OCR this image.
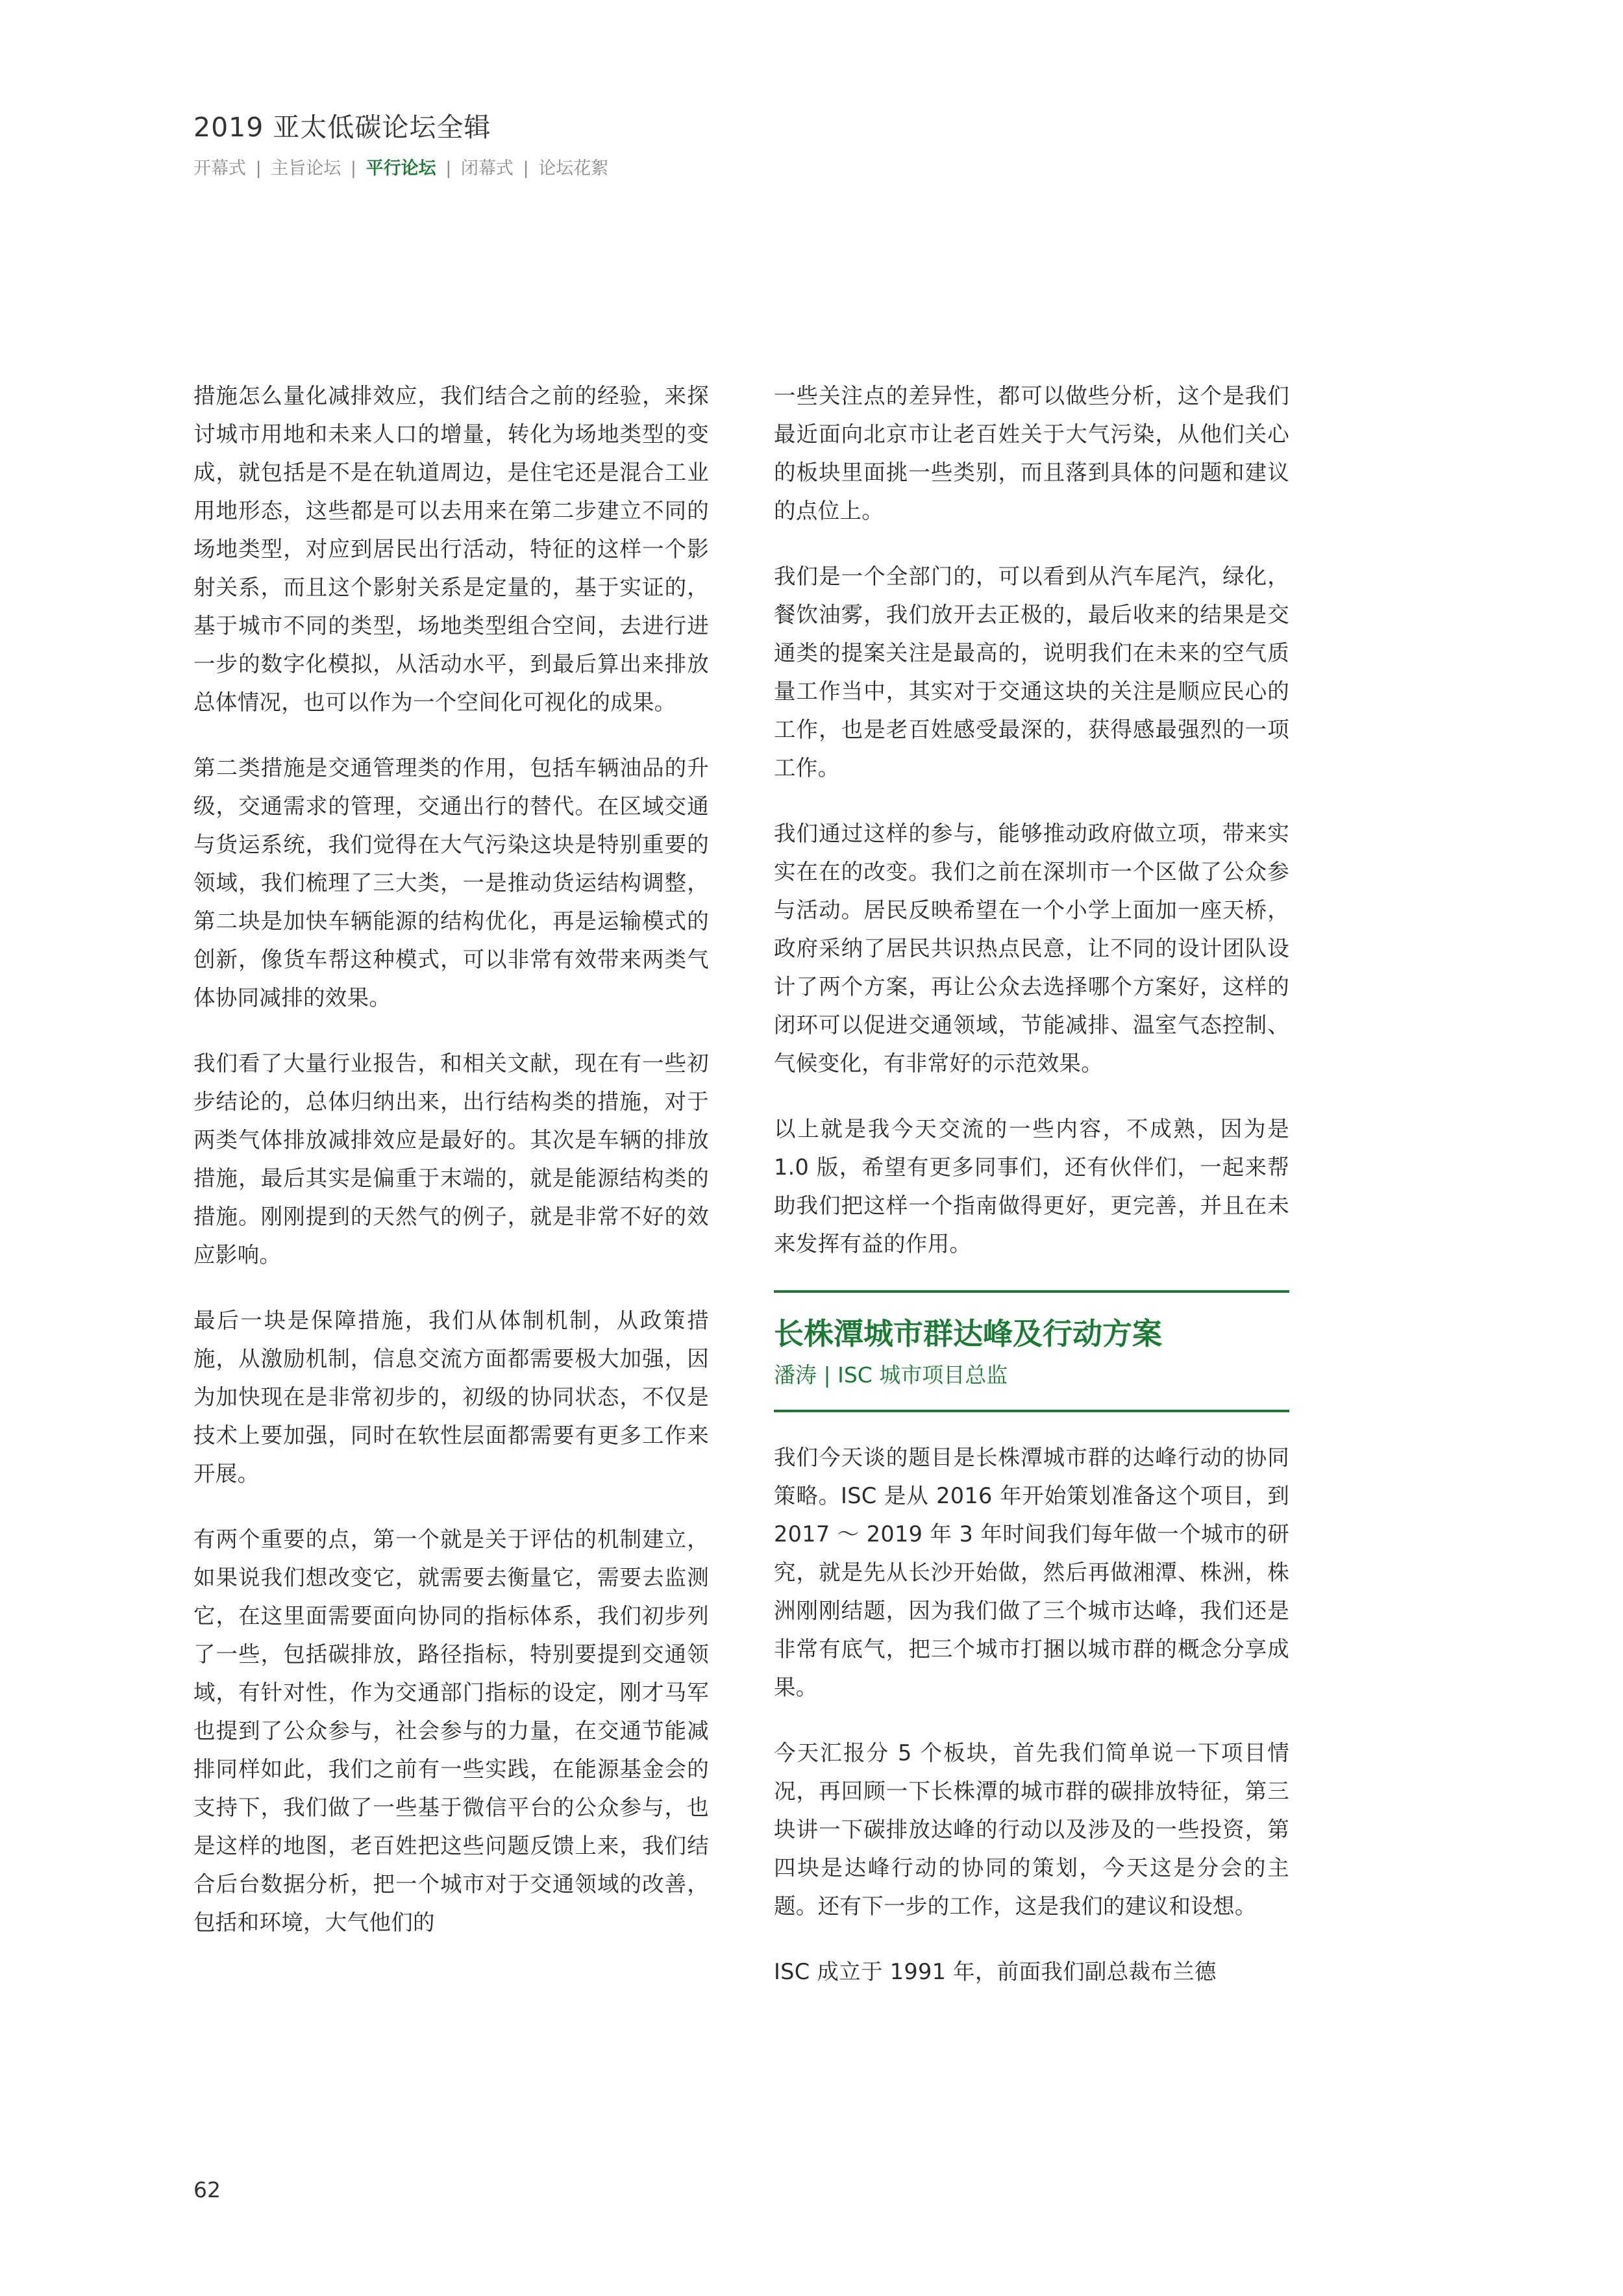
2019 亚太低碳论坛全辑
开幕式 | 主旨论坛 | 平行论坛 | 闭幕式 | 论坛花絮

措施怎么量化减排效应，我们结合之前的经验，来探讨城市用地和未来人口的增量，转化为场地类型的变成，就包括是不是在轨道周边，是住宅还是混合工业用地形态，这些都是可以去用来在第二步建立不同的场地类型，对应到居民出行活动，特征的这样一个影射关系，而且这个影射关系是定量的，基于实证的，基于城市不同的类型，场地类型组合空间，去进行进一步的数字化模拟，从活动水平，到最后算出来排放总体情况，也可以作为一个空间化可视化的成果。

第二类措施是交通管理类的作用，包括车辆油品的升级，交通需求的管理，交通出行的替代。在区域交通与货运系统，我们觉得在大气污染这块是特别重要的领域，我们梳理了三大类，一是推动货运结构调整，第二块是加快车辆能源的结构优化，再是运输模式的创新，像货车帮这种模式，可以非常有效带来两类气体协同减排的效果。

我们看了大量行业报告，和相关文献，现在有一些初步结论的，总体归纳出来，出行结构类的措施，对于两类气体排放减排效应是最好的。其次是车辆的排放措施，最后其实是偏重于末端的，就是能源结构类的措施。刚刚提到的天然气的例子，就是非常不好的效应影响。

最后一块是保障措施，我们从体制机制，从政策措施，从激励机制，信息交流方面都需要极大加强，因为加快现在是非常初步的，初级的协同状态，不仅是技术上要加强，同时在软性层面都需要有更多工作来开展。

有两个重要的点，第一个就是关于评估的机制建立，如果说我们想改变它，就需要去衡量它，需要去监测它，在这里面需要面向协同的指标体系，我们初步列了一些，包括碳排放，路径指标，特别要提到交通领域，有针对性，作为交通部门指标的设定，刚才马军也提到了公众参与，社会参与的力量，在交通节能减排同样如此，我们之前有一些实践，在能源基金会的支持下，我们做了一些基于微信平台的公众参与，也是这样的地图，老百姓把这些问题反馈上来，我们结合后台数据分析，把一个城市对于交通领域的改善，包括和环境，大气他们的

一些关注点的差异性，都可以做些分析，这个是我们最近面向北京市让老百姓关于大气污染，从他们关心的板块里面挑一些类别，而且落到具体的问题和建议的点位上。

我们是一个全部门的，可以看到从汽车尾汽，绿化，餐饮油雾，我们放开去正极的，最后收来的结果是交通类的提案关注是最高的，说明我们在未来的空气质量工作当中，其实对于交通这块的关注是顺应民心的工作，也是老百姓感受最深的，获得感最强烈的一项工作。

我们通过这样的参与，能够推动政府做立项，带来实实在在的改变。我们之前在深圳市一个区做了公众参与活动。居民反映希望在一个小学上面加一座天桥，政府采纳了居民共识热点民意，让不同的设计团队设计了两个方案，再让公众去选择哪个方案好，这样的闭环可以促进交通领域，节能减排、温室气态控制、气候变化，有非常好的示范效果。

以上就是我今天交流的一些内容，不成熟，因为是 1.0 版，希望有更多同事们，还有伙伴们，一起来帮助我们把这样一个指南做得更好，更完善，并且在未来发挥有益的作用。

长株潭城市群达峰及行动方案
潘涛 | ISC 城市项目总监

我们今天谈的题目是长株潭城市群的达峰行动的协同策略。ISC 是从 2016 年开始策划准备这个项目，到 2017 ～ 2019 年 3 年时间我们每年做一个城市的研究，就是先从长沙开始做，然后再做湘潭、株洲，株洲刚刚结题，因为我们做了三个城市达峰，我们还是非常有底气，把三个城市打捆以城市群的概念分享成果。

今天汇报分 5 个板块，首先我们简单说一下项目情况，再回顾一下长株潭的城市群的碳排放特征，第三块讲一下碳排放达峰的行动以及涉及的一些投资，第四块是达峰行动的协同的策划，今天这是分会的主题。还有下一步的工作，这是我们的建议和设想。

ISC 成立于 1991 年，前面我们副总裁布兰德

62
